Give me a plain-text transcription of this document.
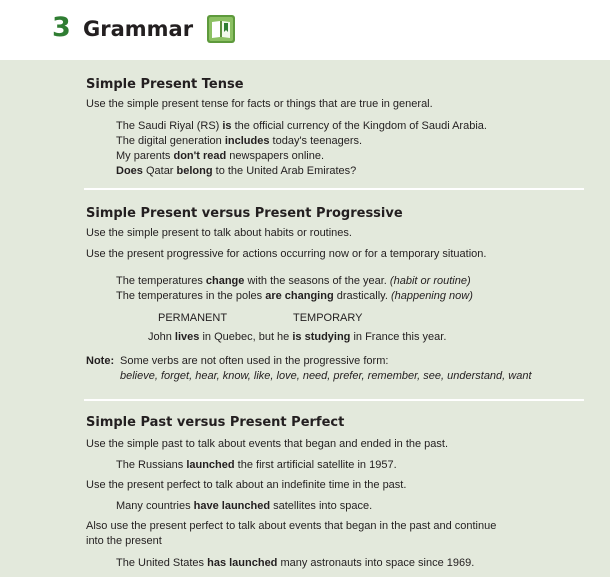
3 Grammar
Simple Present Tense
Use the simple present tense for facts or things that are true in general.
The Saudi Riyal (RS) is the official currency of the Kingdom of Saudi Arabia.
The digital generation includes today's teenagers.
My parents don't read newspapers online.
Does Qatar belong to the United Arab Emirates?
Simple Present versus Present Progressive
Use the simple present to talk about habits or routines.
Use the present progressive for actions occurring now or for a temporary situation.
The temperatures change with the seasons of the year. (habit or routine)
The temperatures in the poles are changing drastically. (happening now)
PERMANENT	TEMPORARY
John lives in Quebec, but he is studying in France this year.
Note: Some verbs are not often used in the progressive form:
believe, forget, hear, know, like, love, need, prefer, remember, see, understand, want
Simple Past versus Present Perfect
Use the simple past to talk about events that began and ended in the past.
The Russians launched the first artificial satellite in 1957.
Use the present perfect to talk about an indefinite time in the past.
Many countries have launched satellites into space.
Also use the present perfect to talk about events that began in the past and continue
into the present
The United States has launched many astronauts into space since 1969.
